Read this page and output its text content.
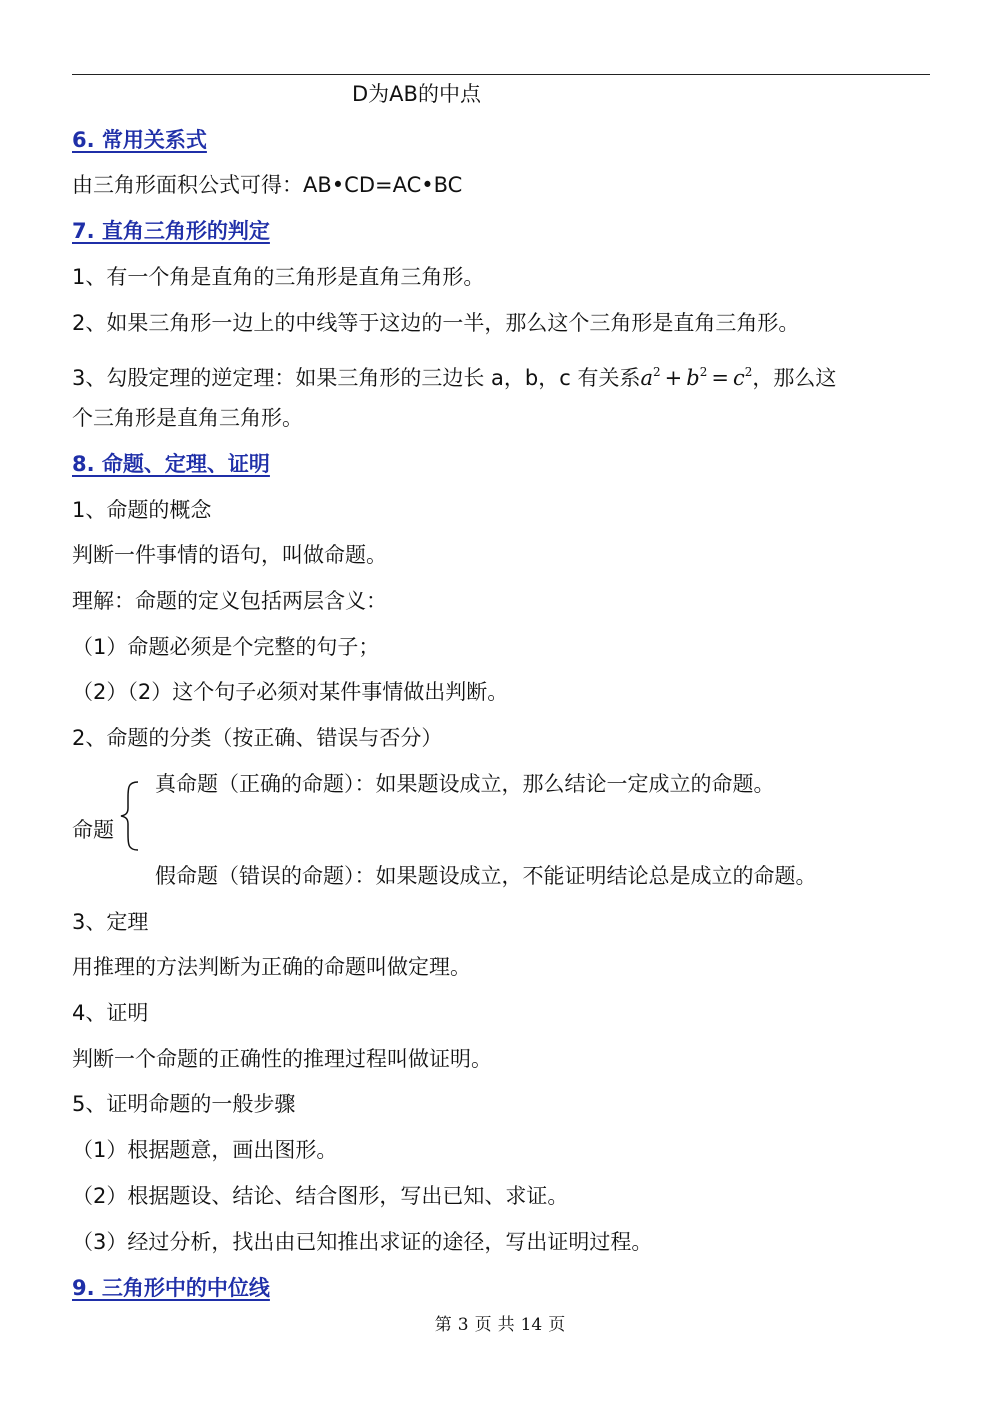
D为AB的中点
6. 常用关系式
由三角形面积公式可得：AB•CD=AC•BC
7. 直角三角形的判定
1、有一个角是直角的三角形是直角三角形。
2、如果三角形一边上的中线等于这边的一半，那么这个三角形是直角三角形。
3、勾股定理的逆定理：如果三角形的三边长 a，b，c 有关系$a^2 + b^2 = c^2$，那么这
个三角形是直角三角形。
8. 命题、定理、证明
1、命题的概念
判断一件事情的语句，叫做命题。
理解：命题的定义包括两层含义：
（1）命题必须是个完整的句子；
（2）（2）这个句子必须对某件事情做出判断。
2、命题的分类（按正确、错误与否分）
真命题（正确的命题）：如果题设成立，那么结论一定成立的命题。
命题
假命题（错误的命题）：如果题设成立，不能证明结论总是成立的命题。
3、定理
用推理的方法判断为正确的命题叫做定理。
4、证明
判断一个命题的正确性的推理过程叫做证明。
5、证明命题的一般步骤
（1）根据题意，画出图形。
（2）根据题设、结论、结合图形，写出已知、求证。
（3）经过分析，找出由已知推出求证的途径，写出证明过程。
9. 三角形中的中位线
第 3 页 共 14 页
